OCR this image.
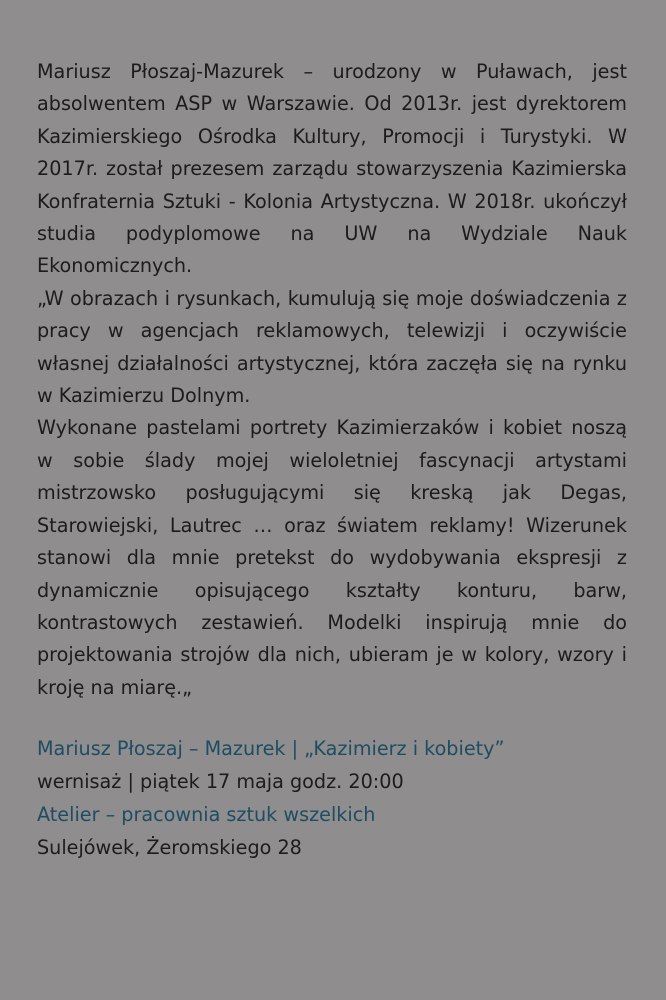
Mariusz Płoszaj-Mazurek – urodzony w Puławach, jest absolwentem ASP w Warszawie. Od 2013r. jest dyrektorem Kazimierskiego Ośrodka Kultury, Promocji i Turystyki. W 2017r. został prezesem zarządu stowarzyszenia Kazimierska Konfraternia Sztuki - Kolonia Artystyczna. W 2018r. ukończył studia podyplomowe na UW na Wydziale Nauk Ekonomicznych.
„W obrazach i rysunkach, kumulują się moje doświadczenia z pracy w agencjach reklamowych, telewizji i oczywiście własnej działalności artystycznej, która zaczęła się na rynku w Kazimierzu Dolnym.
Wykonane pastelami portrety Kazimierzaków i kobiet noszą w sobie ślady mojej wieloletniej fascynacji artystami mistrzowsko posługującymi się kreską jak Degas, Starowiejski, Lautrec … oraz światem reklamy! Wizerunek stanowi dla mnie pretekst do wydobywania ekspresji z dynamicznie opisującego kształty konturu, barw, kontrastowych zestawień. Modelki inspirują mnie do projektowania strojów dla nich, ubieram je w kolory, wzory i kroję na miarę.„
Mariusz Płoszaj – Mazurek | „Kazimierz i kobiety”
wernisaż | piątek 17 maja godz. 20:00
Atelier – pracownia sztuk wszelkich
Sulejówek, Żeromskiego 28
